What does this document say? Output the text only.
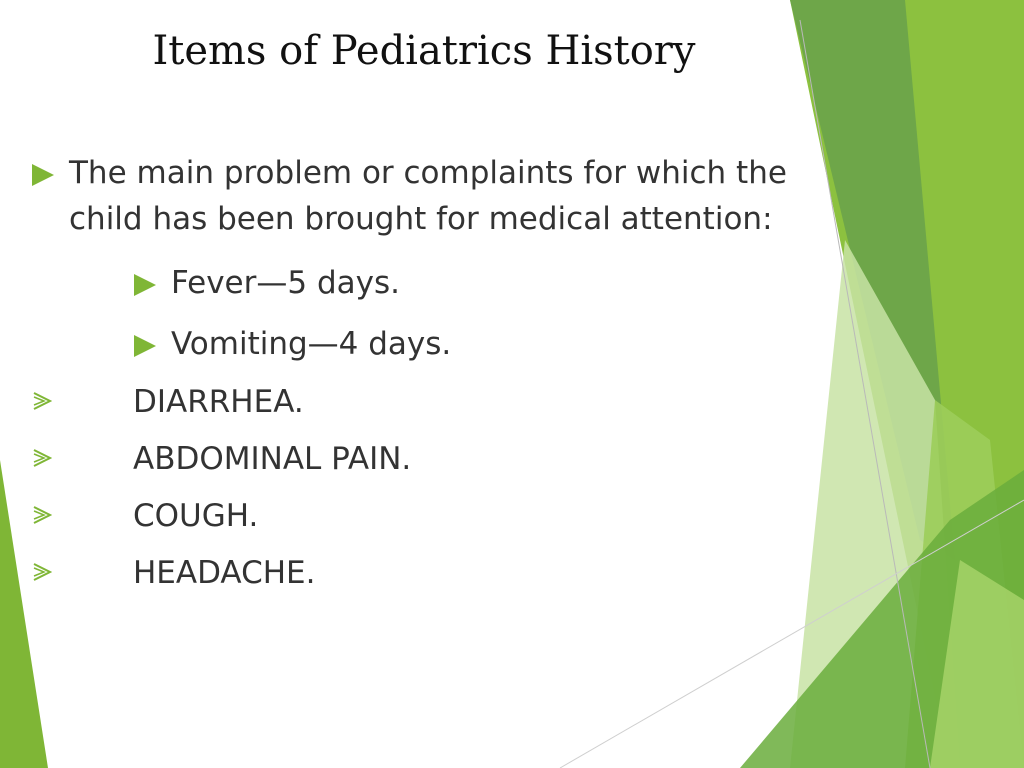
Items of Pediatrics History
The main problem or complaints for which the child has been brought for medical attention:
Fever—5 days.
Vomiting—4 days.
DIARRHEA.
ABDOMINAL PAIN.
COUGH.
HEADACHE.
